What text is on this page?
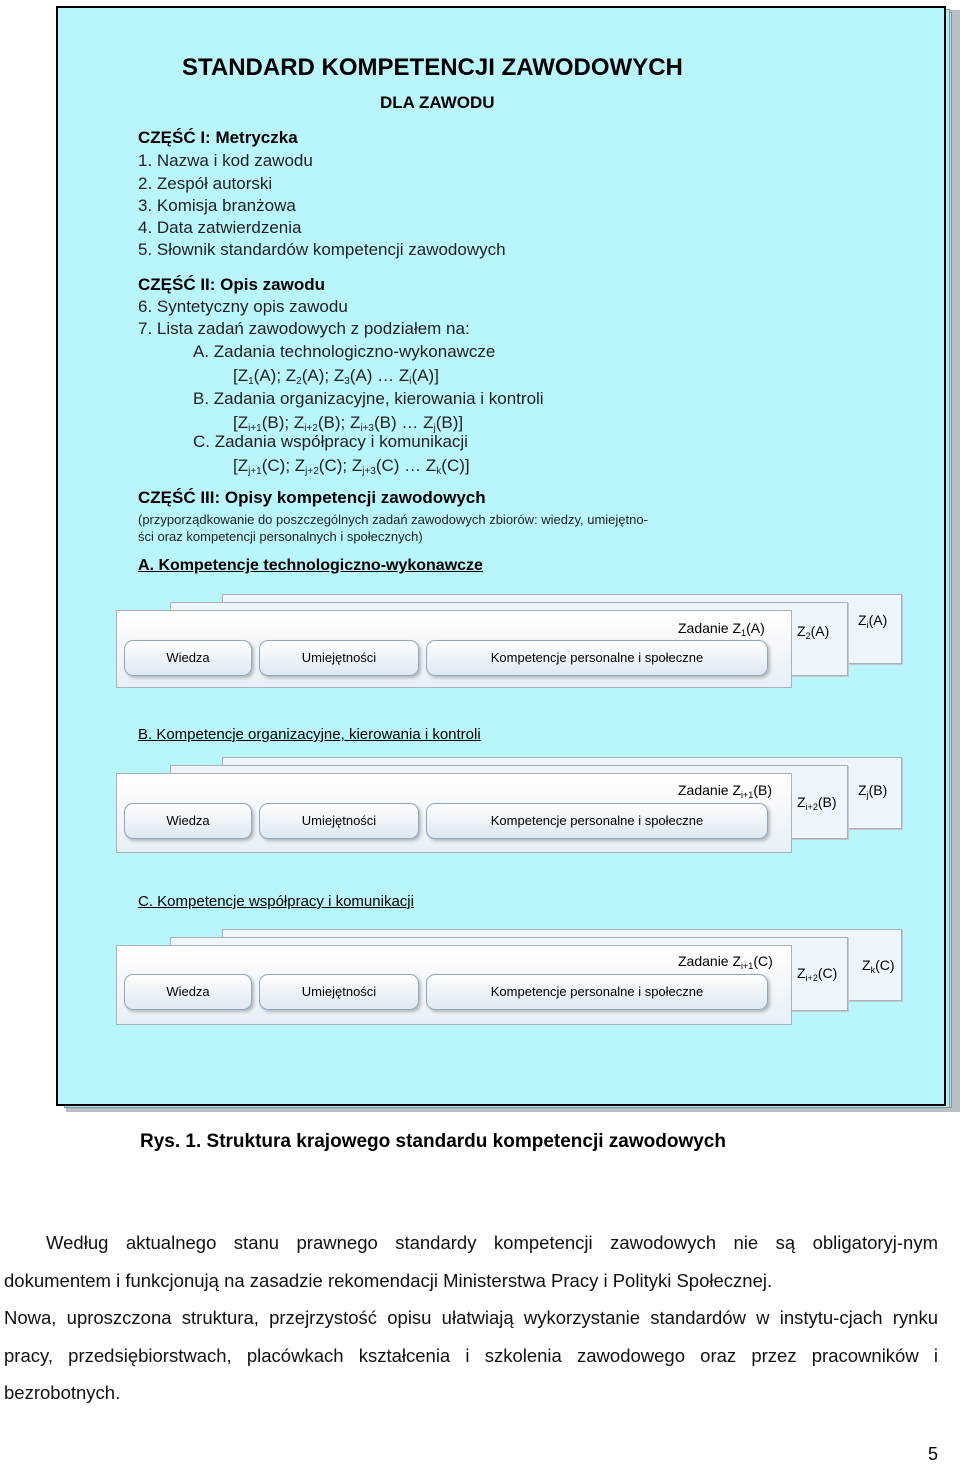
STANDARD KOMPETENCJI ZAWODOWYCH
DLA ZAWODU
CZĘŚĆ I: Metryczka
1. Nazwa i kod zawodu
2. Zespół autorski
3. Komisja branżowa
4. Data zatwierdzenia
5. Słownik standardów kompetencji zawodowych
CZĘŚĆ II: Opis zawodu
6. Syntetyczny opis zawodu
7. Lista zadań zawodowych z podziałem na:
A. Zadania technologiczno-wykonawcze
[$Z_1(A)$; $Z_2(A)$; $Z_3(A)$ … $Z_i(A)$]
B. Zadania organizacyjne, kierowania i kontroli
[$Z_{i+1}(B)$; $Z_{i+2}(B)$; $Z_{i+3}(B)$ … $Z_j(B)$]
C. Zadania współpracy i komunikacji
[$Z_{j+1}(C)$; $Z_{j+2}(C)$; $Z_{j+3}(C)$ … $Z_k(C)$]
CZĘŚĆ III: Opisy kompetencji zawodowych
(przyporządkowanie do poszczególnych zadań zawodowych zbiorów: wiedzy, umiejętno-
ści oraz kompetencji personalnych i społecznych)
A. Kompetencje technologiczno-wykonawcze
Zadanie $Z_1(A)$ $Z_2(A)$
$Z_i(A)$
Wiedza	Umiejętności	Kompetencje personalne i społeczne
B. Kompetencje organizacyjne, kierowania i kontroli
Zadanie $Z_{i+1}(B)$
$Z_{i+2}(B)$
$Z_j(B)$
Wiedza	Umiejętności	Kompetencje personalne i społeczne
C. Kompetencje współpracy i komunikacji
Zadanie $Z_{i+1}(C)$
$Z_{i+2}(C)$ $Z_k(C)$
Wiedza	Umiejętności	Kompetencje personalne i społeczne
Rys. 1. Struktura krajowego standardu kompetencji zawodowych
Według aktualnego stanu prawnego standardy kompetencji zawodowych nie są obligatoryj-nym dokumentem i funkcjonują na zasadzie rekomendacji Ministerstwa Pracy i Polityki Społecznej.
Nowa, uproszczona struktura, przejrzystość opisu ułatwiają wykorzystanie standardów w instytu-cjach rynku pracy, przedsiębiorstwach, placówkach kształcenia i szkolenia zawodowego oraz przez pracowników i bezrobotnych.
5
